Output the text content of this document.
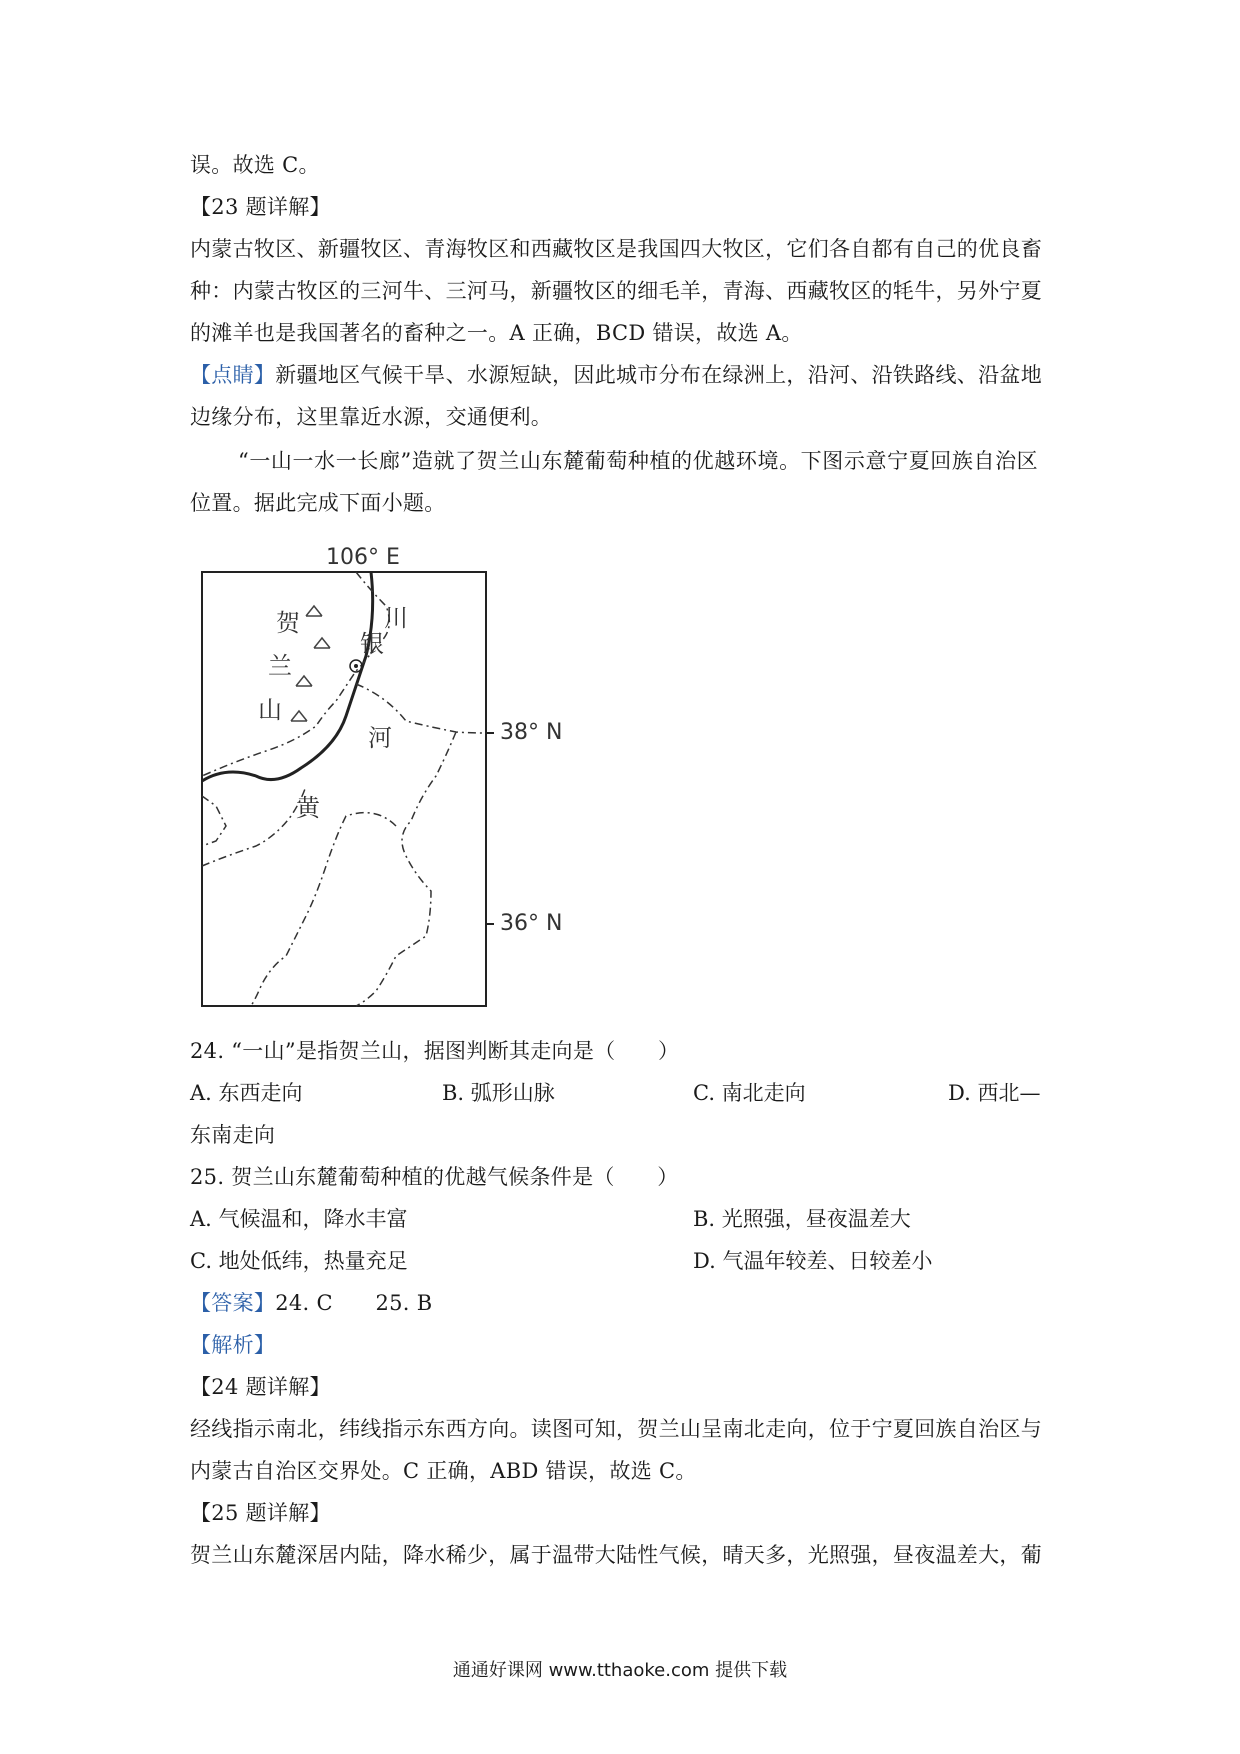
误。故选 C。
【23 题详解】
内蒙古牧区、新疆牧区、青海牧区和西藏牧区是我国四大牧区，它们各自都有自己的优良畜
种：内蒙古牧区的三河牛、三河马，新疆牧区的细毛羊，青海、西藏牧区的牦牛，另外宁夏
的滩羊也是我国著名的畜种之一。A 正确，BCD 错误，故选 A。
【点睛】新疆地区气候干旱、水源短缺，因此城市分布在绿洲上，沿河、沿铁路线、沿盆地
边缘分布，这里靠近水源，交通便利。
“一山一水一长廊”造就了贺兰山东麓葡萄种植的优越环境。下图示意宁夏回族自治区
位置。据此完成下面小题。
106° E
贺
兰
山
银
川
河
黄
38° N
36° N
24. “一山”是指贺兰山，据图判断其走向是（　　）
A. 东西走向	B. 弧形山脉	C. 南北走向	D. 西北—
东南走向
25. 贺兰山东麓葡萄种植的优越气候条件是（　　）
A. 气候温和，降水丰富	B. 光照强，昼夜温差大
C. 地处低纬，热量充足	D. 气温年较差、日较差小
【答案】24. C　　25. B
【解析】
【24 题详解】
经线指示南北，纬线指示东西方向。读图可知，贺兰山呈南北走向，位于宁夏回族自治区与
内蒙古自治区交界处。C 正确，ABD 错误，故选 C。
【25 题详解】
贺兰山东麓深居内陆，降水稀少，属于温带大陆性气候，晴天多，光照强，昼夜温差大，葡
通通好课网 www.tthaoke.com 提供下载
